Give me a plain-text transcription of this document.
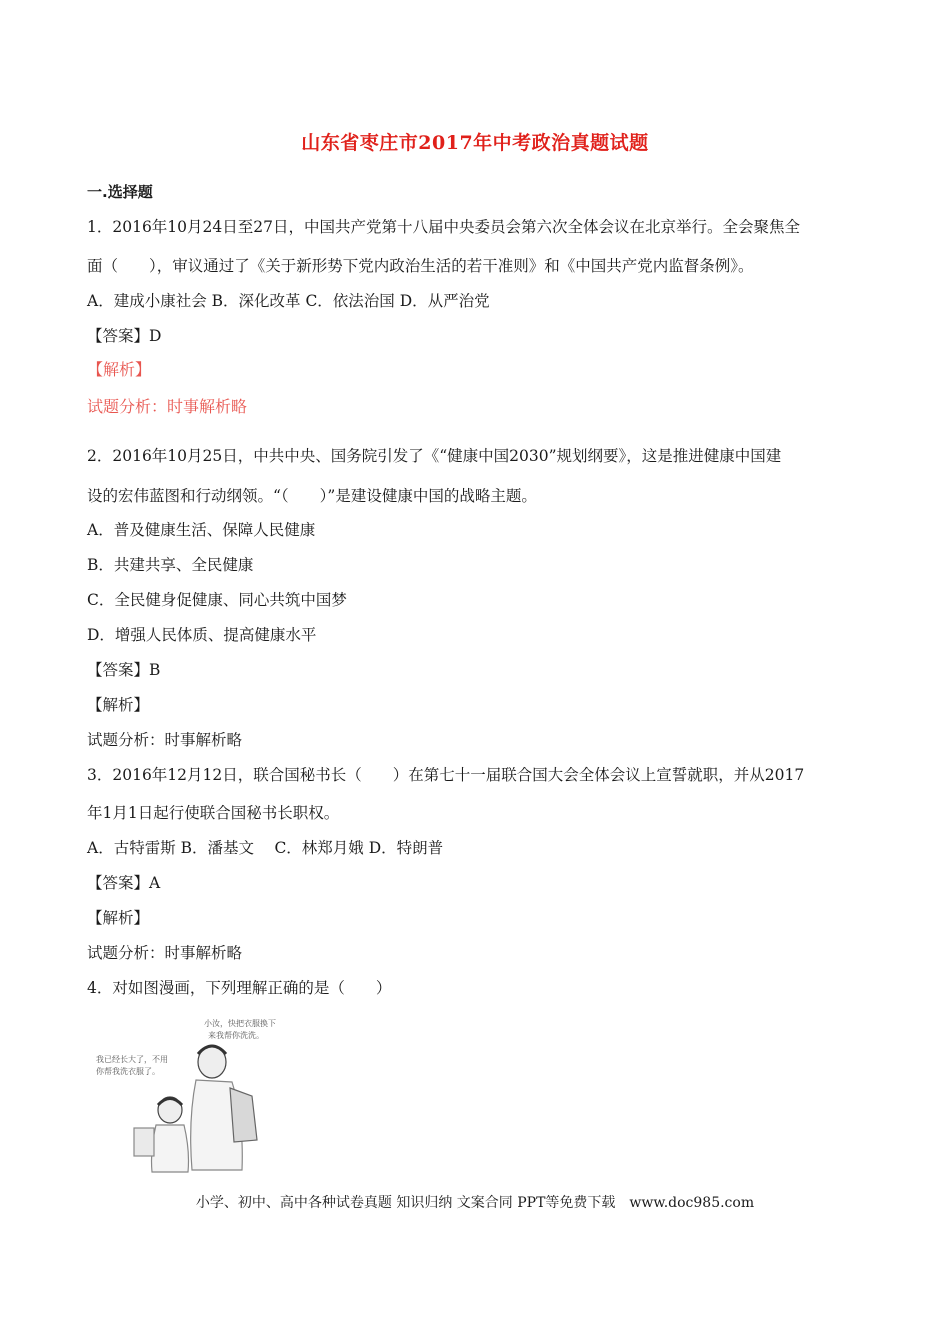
山东省枣庄市2017年中考政治真题试题
一.选择题
1．2016年10月24日至27日，中国共产党第十八届中央委员会第六次全体会议在北京举行。全会聚焦全
面（　　），审议通过了《关于新形势下党内政治生活的若干准则》和《中国共产党内监督条例》。
A．建成小康社会 B．深化改革 C．依法治国 D．从严治党
【答案】D
【解析】
试题分析：时事解析略
2．2016年10月25日，中共中央、国务院引发了《“健康中国2030”规划纲要》，这是推进健康中国建
设的宏伟蓝图和行动纲领。“（　　）”是建设健康中国的战略主题。
A．普及健康生活、保障人民健康
B．共建共享、全民健康
C．全民健身促健康、同心共筑中国梦
D．增强人民体质、提高健康水平
【答案】B
【解析】
试题分析：时事解析略
3．2016年12月12日，联合国秘书长（　　）在第七十一届联合国大会全体会议上宣誓就职，并从2017
年1月1日起行使联合国秘书长职权。
A．古特雷斯 B．潘基文　 C．林郑月娥 D．特朗普
【答案】A
【解析】
试题分析：时事解析略
4．对如图漫画，下列理解正确的是（　　）
小汝，快把衣服换下
来我帮你洗洗。
我已经长大了，不用
你帮我洗衣服了。
小学、初中、高中各种试卷真题 知识归纳 文案合同 PPT等免费下载　www.doc985.com
